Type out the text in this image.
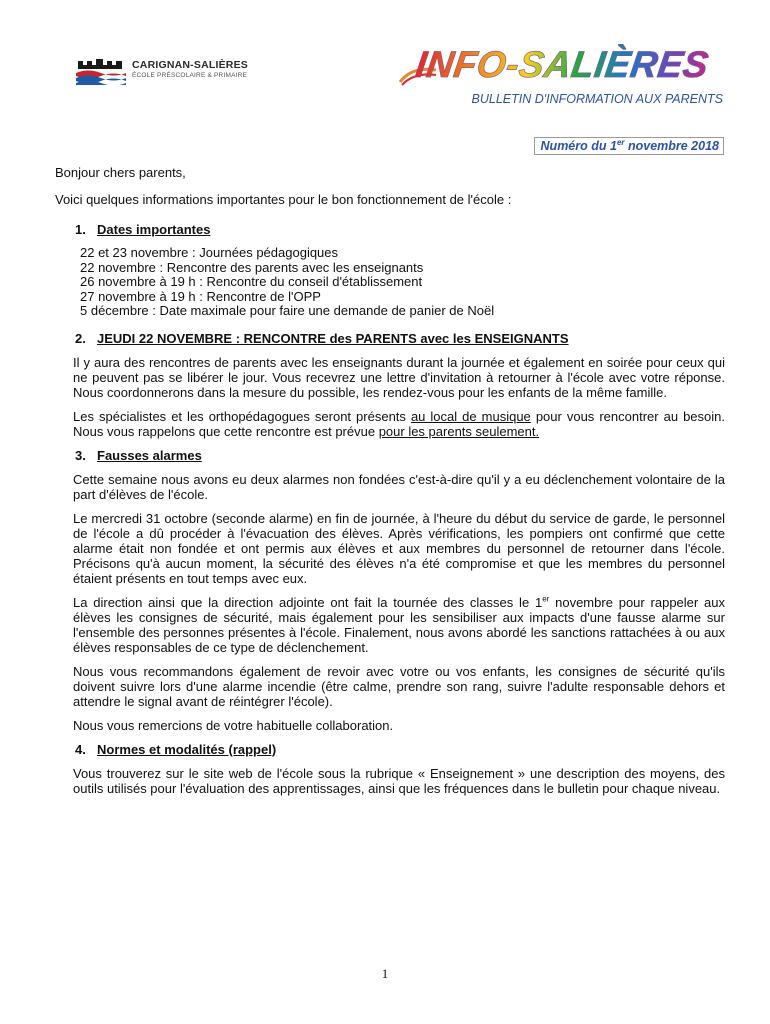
CARIGNAN-SALIÈRES
ÉCOLE PRÉSCOLAIRE & PRIMAIRE	INFO-SALIÈRES
BULLETIN D'INFORMATION AUX PARENTS
Numéro du 1er novembre 2018

Bonjour chers parents,

Voici quelques informations importantes pour le bon fonctionnement de l'école :

1. Dates importantes
22 et 23 novembre : Journées pédagogiques
22 novembre : Rencontre des parents avec les enseignants
26 novembre à 19 h : Rencontre du conseil d'établissement
27 novembre à 19 h : Rencontre de l'OPP
5 décembre : Date maximale pour faire une demande de panier de Noël
2. JEUDI 22 NOVEMBRE : RENCONTRE des PARENTS avec les ENSEIGNANTS

Il y aura des rencontres de parents avec les enseignants durant la journée et également en soirée pour ceux qui ne peuvent pas se libérer le jour. Vous recevrez une lettre d'invitation à retourner à l'école avec votre réponse. Nous coordonnerons dans la mesure du possible, les rendez-vous pour les enfants de la même famille.

Les spécialistes et les orthopédagogues seront présents au local de musique pour vous rencontrer au besoin. Nous vous rappelons que cette rencontre est prévue pour les parents seulement.

3. Fausses alarmes

Cette semaine nous avons eu deux alarmes non fondées c'est-à-dire qu'il y a eu déclenchement volontaire de la part d'élèves de l'école.

Le mercredi 31 octobre (seconde alarme) en fin de journée, à l'heure du début du service de garde, le personnel de l'école a dû procéder à l'évacuation des élèves. Après vérifications, les pompiers ont confirmé que cette alarme était non fondée et ont permis aux élèves et aux membres du personnel de retourner dans l'école. Précisons qu'à aucun moment, la sécurité des élèves n'a été compromise et que les membres du personnel étaient présents en tout temps avec eux.

La direction ainsi que la direction adjointe ont fait la tournée des classes le 1er novembre pour rappeler aux élèves les consignes de sécurité, mais également pour les sensibiliser aux impacts d'une fausse alarme sur l'ensemble des personnes présentes à l'école. Finalement, nous avons abordé les sanctions rattachées à ou aux élèves responsables de ce type de déclenchement.

Nous vous recommandons également de revoir avec votre ou vos enfants, les consignes de sécurité qu'ils doivent suivre lors d'une alarme incendie (être calme, prendre son rang, suivre l'adulte responsable dehors et attendre le signal avant de réintégrer l'école).

Nous vous remercions de votre habituelle collaboration.

4. Normes et modalités (rappel)

Vous trouverez sur le site web de l'école sous la rubrique « Enseignement » une description des moyens, des outils utilisés pour l'évaluation des apprentissages, ainsi que les fréquences dans le bulletin pour chaque niveau.

1
